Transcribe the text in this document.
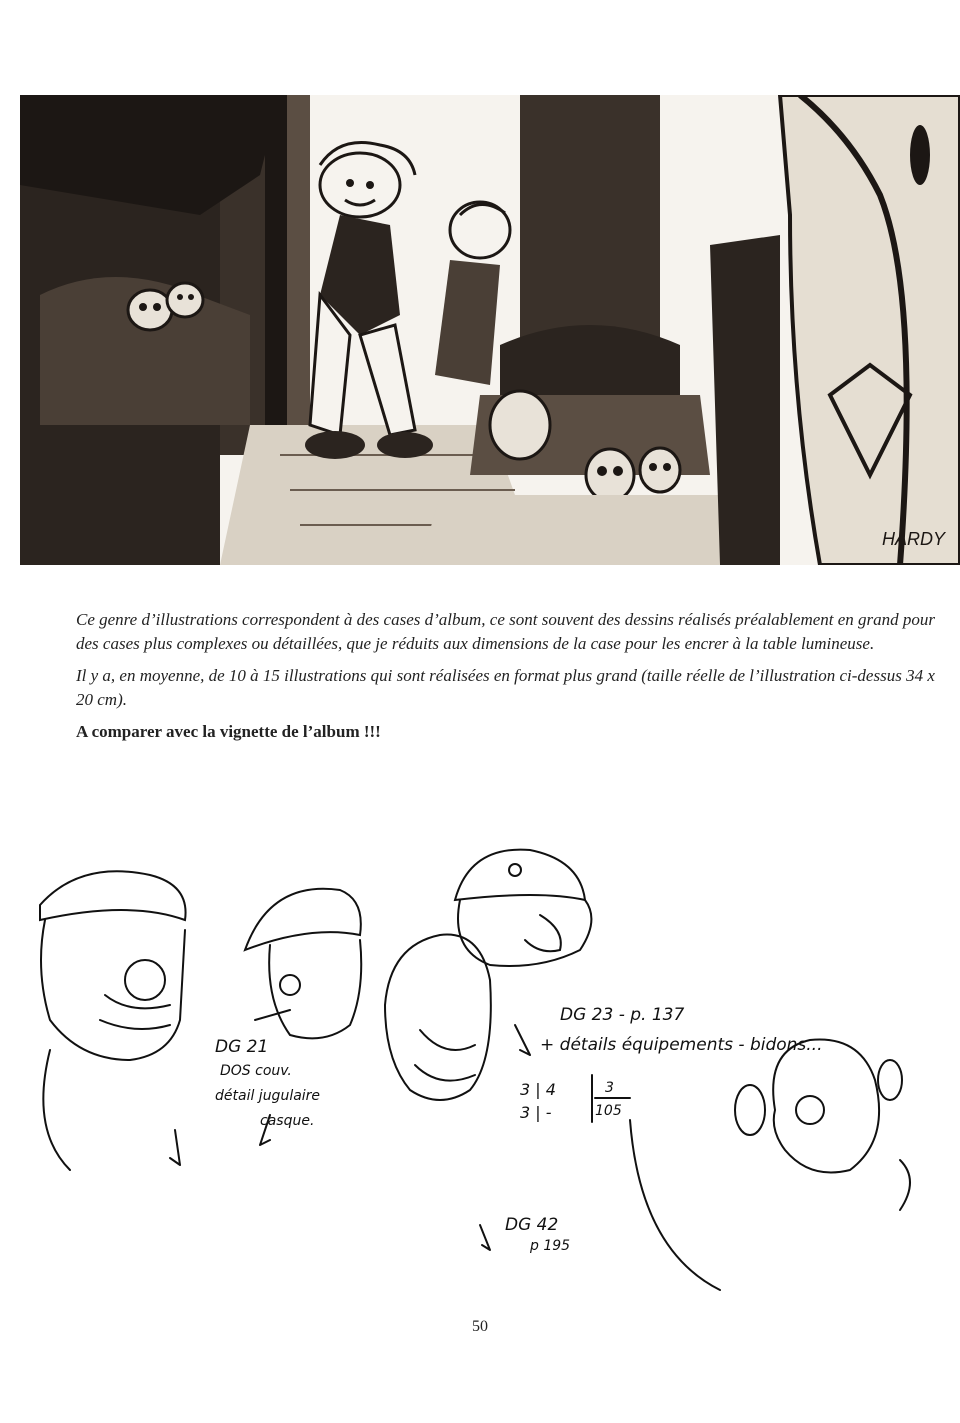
HARDY

Ce genre d’illustrations correspondent à des cases d’album, ce sont souvent des dessins réalisés préalablement en grand pour des cases plus complexes ou détaillées, que je réduits aux dimensions de la case pour les encrer à la table lumineuse.

Il y a, en moyenne, de 10 à 15 illustrations qui sont réalisées en format plus grand (taille réelle de l’illustration ci-dessus 34 x 20 cm).

A comparer avec la vignette de l’album !!!

DG 21
DOS couv.
détail jugulaire
casque.
DG 23 - p. 137
+ détails équipements - bidons...
DG 42
p 195
3 | 4
3 | -
3
105
50
